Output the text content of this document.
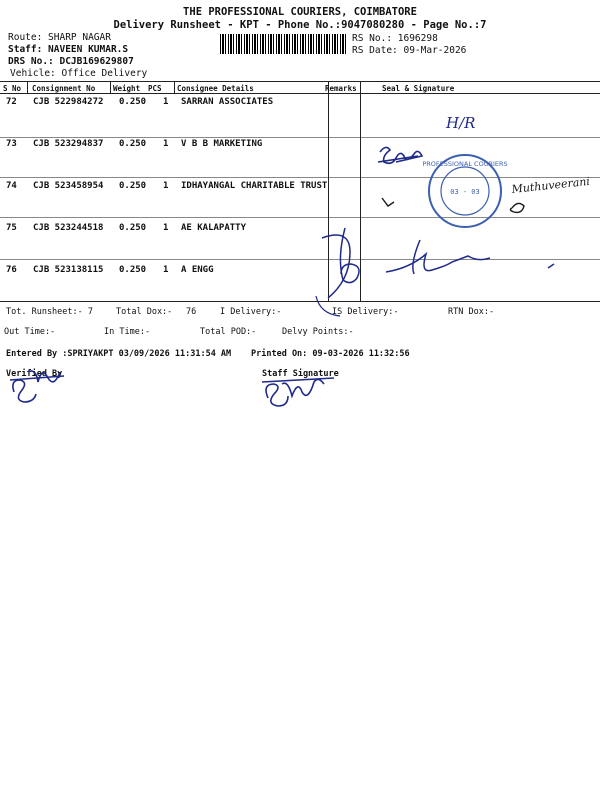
THE PROFESSIONAL COURIERS, COIMBATORE
Delivery Runsheet - KPT - Phone No.:9047080280 - Page No.:7
Route: SHARP NAGAR
Staff: NAVEEN KUMAR.S
DRS No.: DCJB169629807
Vehicle: Office Delivery
RS No.: 1696298
RS Date: 09-Mar-2026
S No Consignment No Weight PCS Consignee Details	Remarks	Seal & Signature
72 CJB 522984272 0.250 1 SARRAN ASSOCIATES
73 CJB 523294837 0.250 1 V B B MARKETING
74 CJB 523458954 0.250 1 IDHAYANGAL CHARITABLE TRUST
75 CJB 523244518 0.250 1 AE KALAPATTY
76 CJB 523138115 0.250 1 A ENGG
Tot. Runsheet:- 7	Total Dox:- 76	I Delivery:-	IS Delivery:-	RTN Dox:-
Out Time:-	In Time:-	Total POD:-	Delvy Points:-
Entered By :SPRIYAKPT 03/09/2026 11:31:54 AM Printed On: 09-03-2026 11:32:56
Verified By	Staff Signature
H/R
PROFESSIONAL COURIERS
03 - 03	Muthuveerani
